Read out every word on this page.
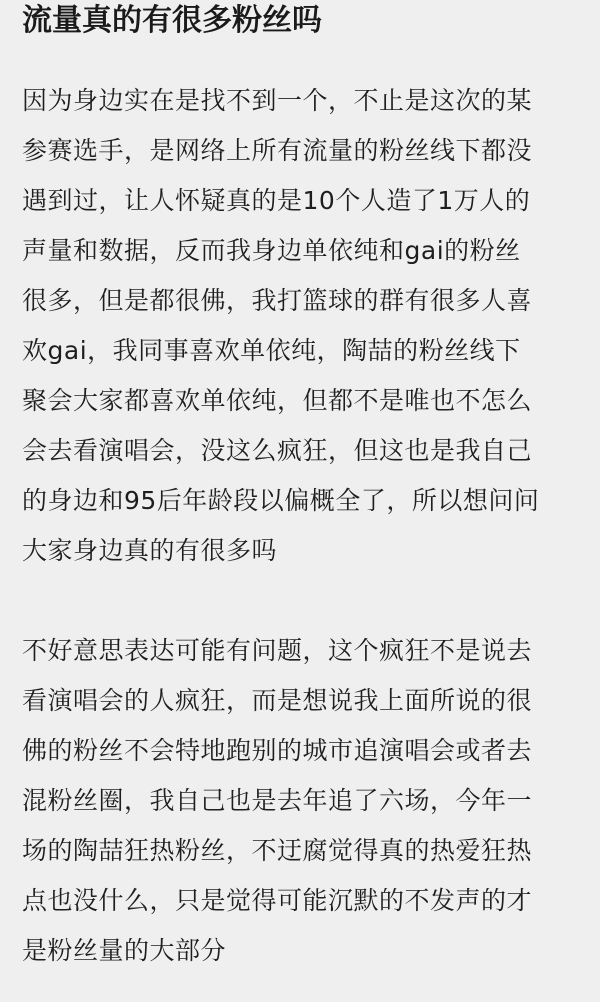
流量真的有很多粉丝吗
因为身边实在是找不到一个，不止是这次的某
参赛选手，是网络上所有流量的粉丝线下都没
遇到过，让人怀疑真的是10个人造了1万人的
声量和数据，反而我身边单依纯和gai的粉丝
很多，但是都很佛，我打篮球的群有很多人喜
欢gai，我同事喜欢单依纯，陶喆的粉丝线下
聚会大家都喜欢单依纯，但都不是唯也不怎么
会去看演唱会，没这么疯狂，但这也是我自己
的身边和95后年龄段以偏概全了，所以想问问
大家身边真的有很多吗
不好意思表达可能有问题，这个疯狂不是说去
看演唱会的人疯狂，而是想说我上面所说的很
佛的粉丝不会特地跑别的城市追演唱会或者去
混粉丝圈，我自己也是去年追了六场，今年一
场的陶喆狂热粉丝，不迂腐觉得真的热爱狂热
点也没什么，只是觉得可能沉默的不发声的才
是粉丝量的大部分
